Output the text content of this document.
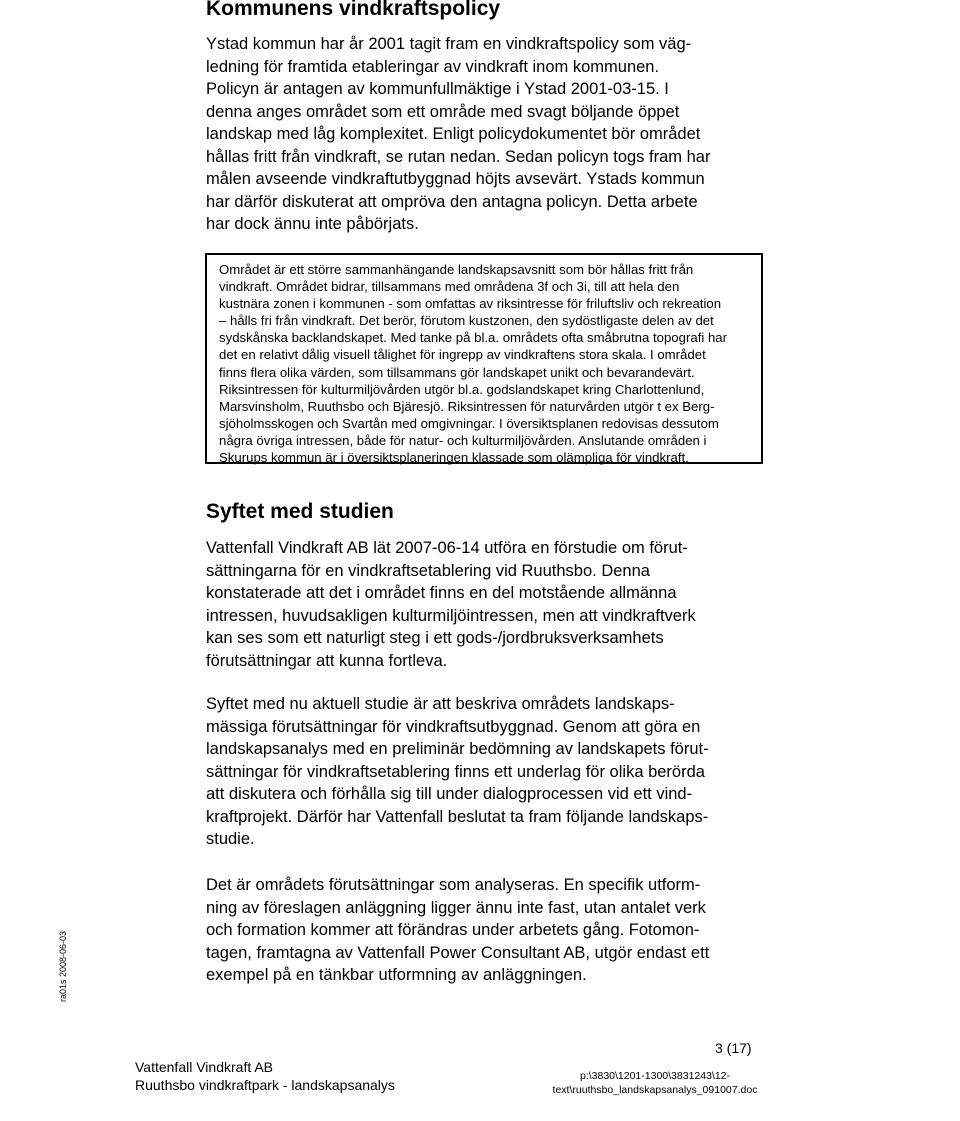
Kommunens vindkraftspolicy
Ystad kommun har år 2001 tagit fram en vindkraftspolicy som väg-
ledning för framtida etableringar av vindkraft inom kommunen.
Policyn är antagen av kommunfullmäktige i Ystad 2001-03-15. I
denna anges området som ett område med svagt böljande öppet
landskap med låg komplexitet. Enligt policydokumentet bör området
hållas fritt från vindkraft, se rutan nedan. Sedan policyn togs fram har
målen avseende vindkraftutbyggnad höjts avsevärt. Ystads kommun
har därför diskuterat att ompröva den antagna policyn. Detta arbete
har dock ännu inte påbörjats.
Området är ett större sammanhängande landskapsavsnitt som bör hållas fritt från
vindkraft. Området bidrar, tillsammans med områdena 3f och 3i, till att hela den
kustnära zonen i kommunen - som omfattas av riksintresse för friluftsliv och rekreation
– hålls fri från vindkraft. Det berör, förutom kustzonen, den sydöstligaste delen av det
sydskånska backlandskapet. Med tanke på bl.a. områdets ofta småbrutna topografi har
det en relativt dålig visuell tålighet för ingrepp av vindkraftens stora skala. I området
finns flera olika värden, som tillsammans gör landskapet unikt och bevarandevärt.
Riksintressen för kulturmiljövården utgör bl.a. godslandskapet kring Charlottenlund,
Marsvinsholm, Ruuthsbo och Bjäresjö. Riksintressen för naturvården utgör t ex Berg-
sjöholmsskogen och Svartån med omgivningar. I översiktsplanen redovisas dessutom
några övriga intressen, både för natur- och kulturmiljövården. Anslutande områden i
Skurups kommun är i översiktsplaneringen klassade som olämpliga för vindkraft.
Syftet med studien
Vattenfall Vindkraft AB lät 2007-06-14 utföra en förstudie om förut-
sättningarna för en vindkraftsetablering vid Ruuthsbo. Denna
konstaterade att det i området finns en del motstående allmänna
intressen, huvudsakligen kulturmiljöintressen, men att vindkraftverk
kan ses som ett naturligt steg i ett gods-/jordbruksverksamhets
förutsättningar att kunna fortleva.
Syftet med nu aktuell studie är att beskriva områdets landskaps-
mässiga förutsättningar för vindkraftsutbyggnad. Genom att göra en
landskapsanalys med en preliminär bedömning av landskapets förut-
sättningar för vindkraftsetablering finns ett underlag för olika berörda
att diskutera och förhålla sig till under dialogprocessen vid ett vind-
kraftprojekt. Därför har Vattenfall beslutat ta fram följande landskaps-
studie.
Det är områdets förutsättningar som analyseras. En specifik utform-
ning av föreslagen anläggning ligger ännu inte fast, utan antalet verk
och formation kommer att förändras under arbetets gång. Fotomon-
tagen, framtagna av Vattenfall Power Consultant AB, utgör endast ett
exempel på en tänkbar utformning av anläggningen.
ra01s 2008-06-03
Vattenfall Vindkraft AB
Ruuthsbo vindkraftpark - landskapsanalys
3 (17)
p:\3830\1201-1300\3831243\12-
text\ruuthsbo_landskapsanalys_091007.doc
